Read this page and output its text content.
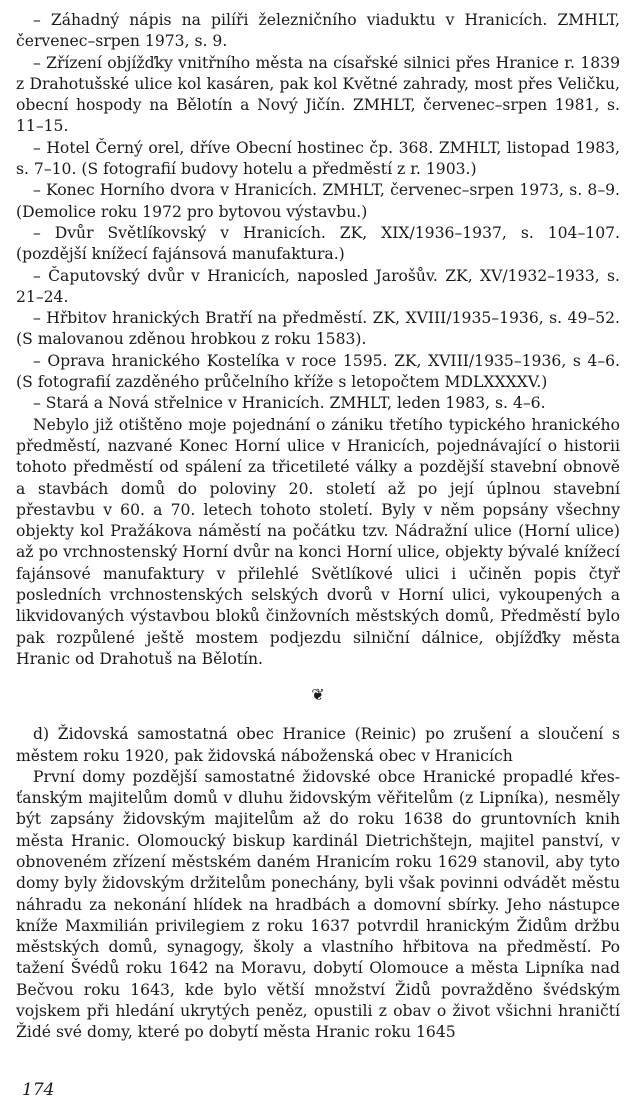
– Záhadný nápis na pilíři železničního viaduktu v Hranicích. ZMHLT, červenec–srpen 1973, s. 9.

– Zřízení objížďky vnitřního města na císařské silnici přes Hranice r. 1839 z Drahotušské ulice kol kasáren, pak kol Květné zahrady, most přes Veličku, obecní hospody na Bělotín a Nový Jičín. ZMHLT, červenec–srpen 1981, s. 11–15.

– Hotel Černý orel, dříve Obecní hostinec čp. 368. ZMHLT, listopad 1983, s. 7–10. (S fotografií budovy hotelu a předměstí z r. 1903.)

– Konec Horního dvora v Hranicích. ZMHLT, červenec–srpen 1973, s. 8–9. (Demolice roku 1972 pro bytovou výstavbu.)

– Dvůr Světlíkovský v Hranicích. ZK, XIX/1936–1937, s. 104–107. (pozdější knížecí fajánsová manufaktura.)

– Čaputovský dvůr v Hranicích, naposled Jarošův. ZK, XV/1932–1933, s. 21–24.

– Hřbitov hranických Bratří na předměstí. ZK, XVIII/1935–1936, s. 49–52. (S malovanou zděnou hrobkou z roku 1583).

– Oprava hranického Kostelíka v roce 1595. ZK, XVIII/1935–1936, s 4–6. (S fotografií zazděného průčelního kříže s letopočtem MDLXXXXV.)

– Stará a Nová střelnice v Hranicích. ZMHLT, leden 1983, s. 4–6.

Nebylo již otištěno moje pojednání o zániku třetího typického hranického předměstí, nazvané Konec Horní ulice v Hranicích, pojednávající o historii tohoto předměstí od spálení za třicetileté války a pozdější stavební obnově a stavbách domů do poloviny 20. století až po její úplnou stavební přestavbu v 60. a 70. letech tohoto století. Byly v něm popsány všechny objekty kol Pražákova náměstí na počátku tzv. Nádražní ulice (Horní ulice) až po vrchnostenský Horní dvůr na konci Horní ulice, objekty bývalé knížecí fajánsové manufaktury v přilehlé Světlíkové ulici i učiněn popis čtyř posledních vrchnostenských selských dvorů v Horní ulici, vykoupených a likvidovaných výstavbou bloků činžovních městských domů, Předměstí bylo pak rozpůlené ještě mostem podjezdu silniční dálnice, objížďky města Hranic od Drahotuš na Bělotín.

❦

d) Židovská samostatná obec Hranice (Reinic) po zrušení a sloučení s městem roku 1920, pak židovská náboženská obec v Hranicích

První domy pozdější samostatné židovské obce Hranické propadlé křesťanským majitelům domů v dluhu židovským věřitelům (z Lipníka), nesměly být zapsány židovským majitelům až do roku 1638 do gruntovních knih města Hranic. Olomoucký biskup kardinál Dietrichštejn, majitel panství, v obnoveném zřízení městském daném Hranicím roku 1629 stanovil, aby tyto domy byly židovským držitelům ponechány, byli však povinni odvádět městu náhradu za nekonání hlídek na hradbách a domovní sbírky. Jeho nástupce kníže Maxmilián privilegiem z roku 1637 potvrdil hranickým Židům držbu městských domů, synagogy, školy a vlastního hřbitova na předměstí. Po tažení Švédů roku 1642 na Moravu, dobytí Olomouce a města Lipníka nad Bečvou roku 1643, kde bylo větší množství Židů povražděno švédským vojskem při hledání ukrytých peněz, opustili z obav o život všichni hraničtí Židé své domy, které po dobytí města Hranic roku 1645

174
